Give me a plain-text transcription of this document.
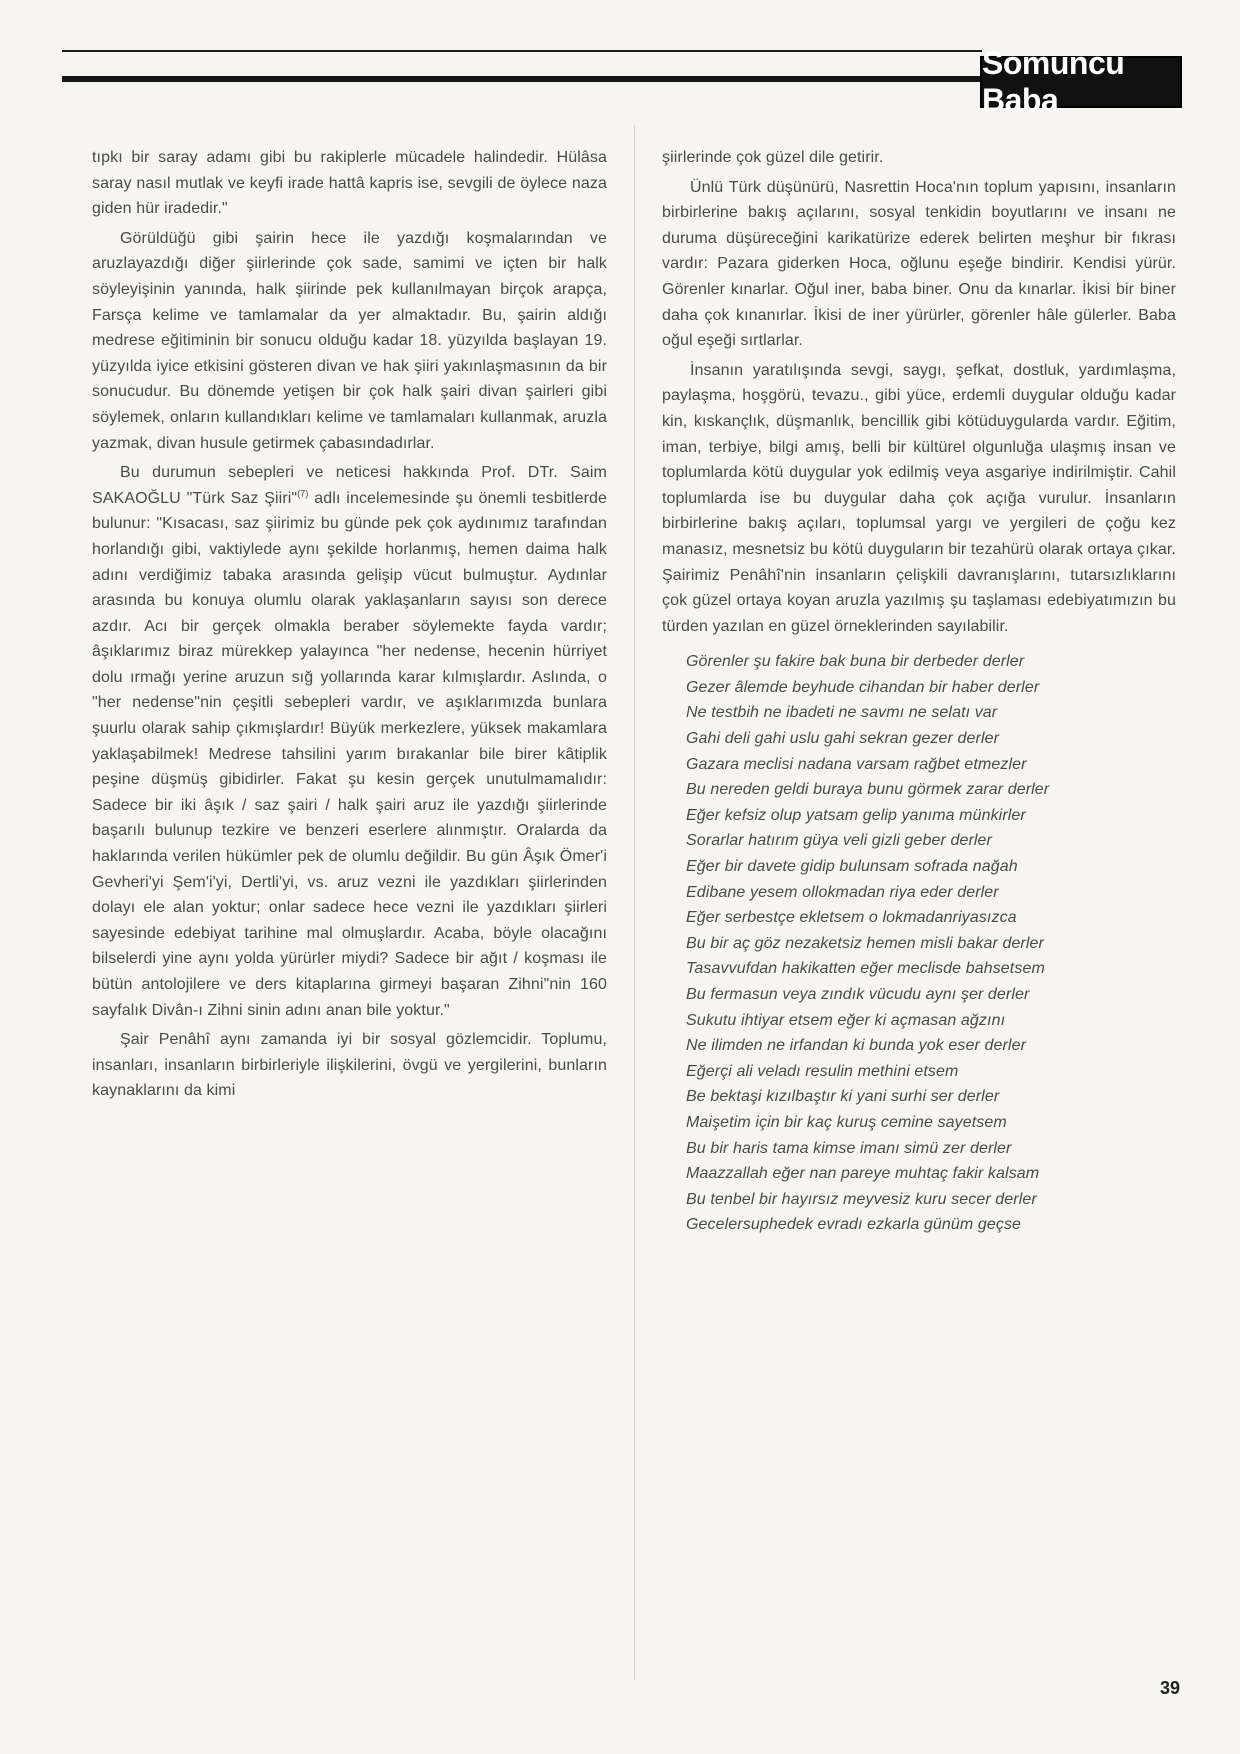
Somuncu Baba

tıpkı bir saray adamı gibi bu rakiplerle mücadele halindedir. Hülâsa saray nasıl mutlak ve keyfi irade hattâ kapris ise, sevgili de öylece naza giden hür iradedir."

Görüldüğü gibi şairin hece ile yazdığı koşmalarından ve aruzlayazdığı diğer şiirlerinde çok sade, samimi ve içten bir halk söyleyişinin yanında, halk şiirinde pek kullanılmayan birçok arapça, Farsça kelime ve tamlamalar da yer almaktadır. Bu, şairin aldığı medrese eğitiminin bir sonucu olduğu kadar 18. yüzyılda başlayan 19. yüzyılda iyice etkisini gösteren divan ve hak şiiri yakınlaşmasının da bir sonucudur. Bu dönemde yetişen bir çok halk şairi divan şairleri gibi söylemek, onların kullandıkları kelime ve tamlamaları kullanmak, aruzla yazmak, divan husule getirmek çabasındadırlar.

Bu durumun sebepleri ve neticesi hakkında Prof. DTr. Saim SAKAOĞLU "Türk Saz Şiiri"$^{(7)}$ adlı incelemesinde şu önemli tesbitlerde bulunur: "Kısacası, saz şiirimiz bu günde pek çok aydınımız tarafından horlandığı gibi, vaktiylede aynı şekilde horlanmış, hemen daima halk adını verdiğimiz tabaka arasında gelişip vücut bulmuştur. Aydınlar arasında bu konuya olumlu olarak yaklaşanların sayısı son derece azdır. Acı bir gerçek olmakla beraber söylemekte fayda vardır; âşıklarımız biraz mürekkep yalayınca "her nedense, hecenin hürriyet dolu ırmağı yerine aruzun sığ yollarında karar kılmışlardır. Aslında, o "her nedense"nin çeşitli sebepleri vardır, ve aşıklarımızda bunlara şuurlu olarak sahip çıkmışlardır! Büyük merkezlere, yüksek makamlara yaklaşabilmek! Medrese tahsilini yarım bırakanlar bile birer kâtiplik peşine düşmüş gibidirler. Fakat şu kesin gerçek unutulmamalıdır: Sadece bir iki âşık / saz şairi / halk şairi aruz ile yazdığı şiirlerinde başarılı bulunup tezkire ve benzeri eserlere alınmıştır. Oralarda da haklarında verilen hükümler pek de olumlu değildir. Bu gün Âşık Ömer'i Gevheri'yi Şem'i'yi, Dertli'yi, vs. aruz vezni ile yazdıkları şiirlerinden dolayı ele alan yoktur; onlar sadece hece vezni ile yazdıkları şiirleri sayesinde edebiyat tarihine mal olmuşlardır. Acaba, böyle olacağını bilselerdi yine aynı yolda yürürler miydi? Sadece bir ağıt / koşması ile bütün antolojilere ve ders kitaplarına girmeyi başaran Zihni"nin 160 sayfalık Divân-ı Zihni sinin adını anan bile yoktur."

Şair Penâhî aynı zamanda iyi bir sosyal gözlemcidir. Toplumu, insanları, insanların birbirleriyle ilişkilerini, övgü ve yergilerini, bunların kaynaklarını da kimi

şiirlerinde çok güzel dile getirir.

Ünlü Türk düşünürü, Nasrettin Hoca'nın toplum yapısını, insanların birbirlerine bakış açılarını, sosyal tenkidin boyutlarını ve insanı ne duruma düşüreceğini karikatürize ederek belirten meşhur bir fıkrası vardır: Pazara giderken Hoca, oğlunu eşeğe bindirir. Kendisi yürür. Görenler kınarlar. Oğul iner, baba biner. Onu da kınarlar. İkisi bir biner daha çok kınanırlar. İkisi de iner yürürler, görenler hâle gülerler. Baba oğul eşeği sırtlarlar.

İnsanın yaratılışında sevgi, saygı, şefkat, dostluk, yardımlaşma, paylaşma, hoşgörü, tevazu., gibi yüce, erdemli duygular olduğu kadar kin, kıskançlık, düşmanlık, bencillik gibi kötüduygularda vardır. Eğitim, iman, terbiye, bilgi amış, belli bir kültürel olgunluğa ulaşmış insan ve toplumlarda kötü duygular yok edilmiş veya asgariye indirilmiştir. Cahil toplumlarda ise bu duygular daha çok açığa vurulur. İnsanların birbirlerine bakış açıları, toplumsal yargı ve yergileri de çoğu kez manasız, mesnetsiz bu kötü duyguların bir tezahürü olarak ortaya çıkar. Şairimiz Penâhî'nin insanların çelişkili davranışlarını, tutarsızlıklarını çok güzel ortaya koyan aruzla yazılmış şu taşlaması edebiyatımızın bu türden yazılan en güzel örneklerinden sayılabilir.

Görenler şu fakire bak buna bir derbeder derler
Gezer âlemde beyhude cihandan bir haber derler
Ne testbih ne ibadeti ne savmı ne selatı var
Gahi deli gahi uslu gahi sekran gezer derler
Gazara meclisi nadana varsam rağbet etmezler
Bu nereden geldi buraya bunu görmek zarar derler
Eğer kefsiz olup yatsam gelip yanıma münkirler
Sorarlar hatırım güya veli gizli geber derler
Eğer bir davete gidip bulunsam sofrada nağah
Edibane yesem ollokmadan riya eder derler
Eğer serbestçe ekletsem o lokmadanriyasızca
Bu bir aç göz nezaketsiz hemen misli bakar derler
Tasavvufdan hakikatten eğer meclisde bahsetsem
Bu fermasun veya zındık vücudu aynı şer derler
Sukutu ihtiyar etsem eğer ki açmasan ağzını
Ne ilimden ne irfandan ki bunda yok eser derler
Eğerçi ali veladı resulin methini etsem
Be bektaşi kızılbaştır ki yani surhi ser derler
Maişetim için bir kaç kuruş cemine sayetsem
Bu bir haris tama kimse imanı simü zer derler
Maazzallah eğer nan pareye muhtaç fakir kalsam
Bu tenbel bir hayırsız meyvesiz kuru secer derler
Gecelersuphedek evradı ezkarla günüm geçse
39
